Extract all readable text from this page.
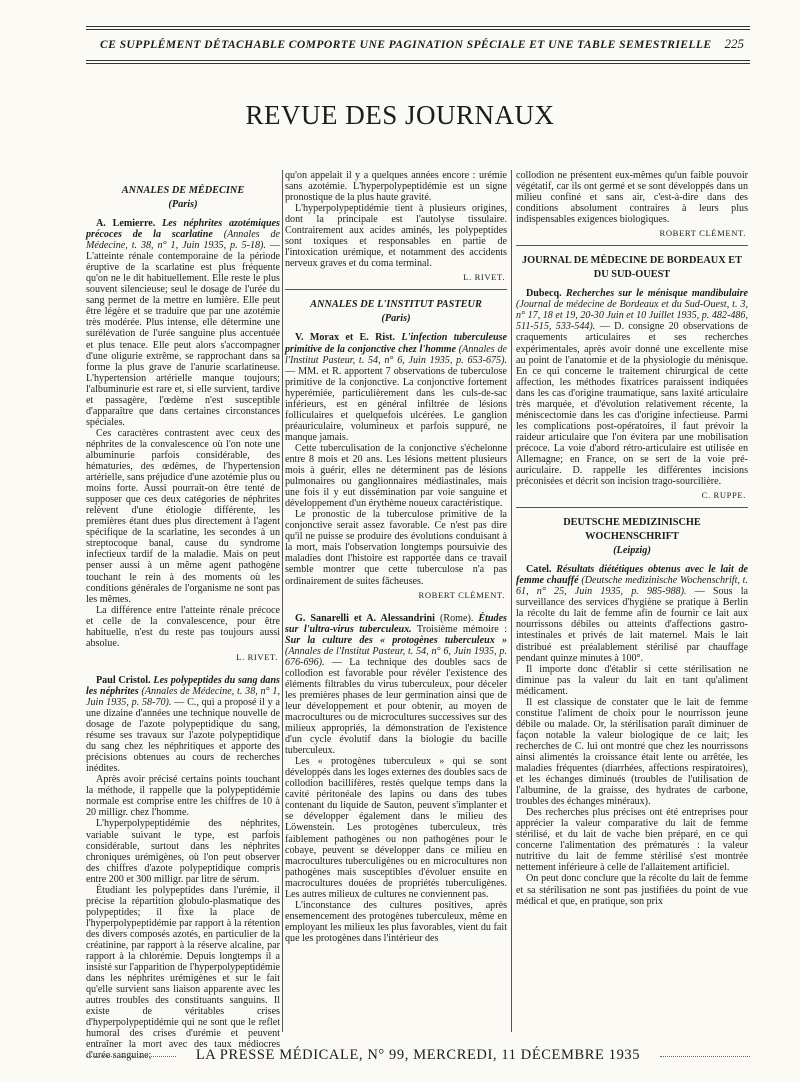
CE SUPPLÉMENT DÉTACHABLE COMPORTE UNE PAGINATION SPÉCIALE ET UNE TABLE SEMESTRIELLE 225
REVUE DES JOURNAUX
ANNALES DE MÉDECINE
(Paris)

A. Lemierre. Les néphrites azotémiques précoces de la scarlatine (Annales de Médecine, t. 38, n° 1, Juin 1935, p. 5-18). — L'atteinte rénale contemporaine de la période éruptive de la scarlatine est plus fréquente qu'on ne le dit habituellement. Elle reste le plus souvent silencieuse; seul le dosage de l'urée du sang permet de la mettre en lumière. Elle peut être légère et se traduire que par une azotémie très modérée. Plus intense, elle détermine une surélévation de l'urée sanguine plus accentuée et plus tenace. Elle peut alors s'accompagner d'une oligurie extrême, se rapprochant dans sa forme la plus grave de l'anurie scarlatineuse. L'hypertension artérielle manque toujours; l'albuminurie est rare et, si elle survient, tardive et passagère, l'œdème n'est susceptible d'apparaître que dans certaines circonstances spéciales.

Ces caractères contrastent avec ceux des néphrites de la convalescence où l'on note une albuminurie parfois considérable, des hématuries, des œdèmes, de l'hypertension artérielle, sans préjudice d'une azotémie plus ou moins forte. Aussi pourrait-on être tenté de supposer que ces deux catégories de néphrites relèvent d'une étiologie différente, les premières étant dues plus directement à l'agent spécifique de la scarlatine, les secondes à un streptocoque banal, cause du syndrome infectieux tardif de la maladie. Mais on peut penser aussi à un même agent pathogène touchant le rein à des moments où les conditions générales de l'organisme ne sont pas les mêmes.

La différence entre l'atteinte rénale précoce et celle de la convalescence, pour être habituelle, n'est du reste pas toujours aussi absolue.

L. RIVET.

Paul Cristol. Les polypeptides du sang dans les néphrites (Annales de Médecine, t. 38, n° 1, Juin 1935, p. 58-70). — C., qui a proposé il y a une dizaine d'années une technique nouvelle de dosage de l'azote polypeptidique du sang, résume ses travaux sur l'azote polypeptidique du sang chez les néphritiques et apporte des précisions obtenues au cours de recherches inédites.

Après avoir précisé certains points touchant la méthode, il rappelle que la polypeptidémie normale est comprise entre les chiffres de 10 à 20 milligr. chez l'homme.

L'hyperpolypeptidémie des néphrites, variable suivant le type, est parfois considérable, surtout dans les néphrites chroniques urémigènes, où l'on peut observer des chiffres d'azote polypeptidique compris entre 200 et 300 milligr. par litre de sérum.

Étudiant les polypeptides dans l'urémie, il précise la répartition globulo-plasmatique des polypeptides; il fixe la place de l'hyperpolypeptidémie par rapport à la rétention des divers composés azotés, en particulier de la créatinine, par rapport à la réserve alcaline, par rapport à la chlorémie. Depuis longtemps il a insisté sur l'apparition de l'hyperpolypeptidémie dans les néphrites urémigènes et sur le fait qu'elle survient sans liaison apparente avec les autres troubles des constituants sanguins. Il existe de véritables crises d'hyperpolypeptidémie qui ne sont que le reflet humoral des crises d'urémie et peuvent entraîner la mort avec des taux médiocres d'urée sanguine;

qu'on appelait il y a quelques années encore : urémie sans azotémie. L'hyperpolypeptidémie est un signe pronostique de la plus haute gravité.

L'hyperpolypeptidémie tient à plusieurs origines, dont la principale est l'autolyse tissulaire. Contrairement aux acides aminés, les polypeptides sont toxiques et responsables en partie de l'intoxication urémique, et notamment des accidents nerveux graves et du coma terminal.

L. RIVET.
ANNALES DE L'INSTITUT PASTEUR
(Paris)

V. Morax et E. Rist. L'infection tuberculeuse primitive de la conjonctive chez l'homme (Annales de l'Institut Pasteur, t. 54, n° 6, Juin 1935, p. 653-675). — MM. et R. apportent 7 observations de tuberculose primitive de la conjonctive. La conjonctive fortement hyperémiée, particulièrement dans les culs-de-sac inférieurs, est en général infiltrée de lésions folliculaires et quelquefois ulcérées. Le ganglion préauriculaire, volumineux et parfois suppuré, ne manque jamais.

Cette tuberculisation de la conjonctive s'échelonne entre 8 mois et 20 ans. Les lésions mettent plusieurs mois à guérir, elles ne déterminent pas de lésions pulmonaires ou ganglionnaires médiastinales, mais une fois il y eut dissémination par voie sanguine et développement d'un érythème noueux caractéristique.

Le pronostic de la tuberculose primitive de la conjonctive serait assez favorable. Ce n'est pas dire qu'il ne puisse se produire des évolutions conduisant à la mort, mais l'observation longtemps poursuivie des maladies dont l'histoire est rapportée dans ce travail semble montrer que cette tuberculose n'a pas ordinairement de suites fâcheuses.

ROBERT CLÉMENT.

G. Sanarelli et A. Alessandrini (Rome). Études sur l'ultra-virus tuberculeux. Troisième mémoire : Sur la culture des « protogènes tuberculeux » (Annales de l'Institut Pasteur, t. 54, n° 6, Juin 1935, p. 676-696). — La technique des doubles sacs de collodion est favorable pour révéler l'existence des éléments filtrables du virus tuberculeux, pour déceler les premières phases de leur germination ainsi que de leur développement et pour obtenir, au moyen de macrocultures ou de microcultures successives sur des milieux appropriés, la démonstration de l'existence d'un cycle évolutif dans la biologie du bacille tuberculeux.

Les « protogènes tuberculeux » qui se sont développés dans les loges externes des doubles sacs de collodion bacillifères, restés quelque temps dans la cavité péritonéale des lapins ou dans des tubes contenant du liquide de Sauton, peuvent s'implanter et se développer également dans le milieu des Löwenstein. Les protogènes tuberculeux, très faiblement pathogènes ou non pathogènes pour le cobaye, peuvent se développer dans ce milieu en macrocultures tuberculigènes ou en microcultures non pathogènes mais susceptibles d'évoluer ensuite en macrocultures douées de propriétés tuberculigènes. Les autres milieux de cultures ne conviennent pas.

L'inconstance des cultures positives, après ensemencement des protogènes tuberculeux, même en employant les milieux les plus favorables, vient du fait que les protogènes dans l'intérieur des

collodion ne présentent eux-mêmes qu'un faible pouvoir végétatif, car ils ont germé et se sont développés dans un milieu confiné et sans air, c'est-à-dire dans des conditions absolument contraires à leurs plus indispensables exigences biologiques.

ROBERT CLÉMENT.
JOURNAL DE MÉDECINE DE BORDEAUX ET DU SUD-OUEST

Dubecq. Recherches sur le ménisque mandibulaire (Journal de médecine de Bordeaux et du Sud-Ouest, t. 3, n° 17, 18 et 19, 20-30 Juin et 10 Juillet 1935, p. 482-486, 511-515, 533-544). — D. consigne 20 observations de craquements articulaires et ses recherches expérimentales, après avoir donné une excellente mise au point de l'anatomie et de la physiologie du ménisque. En ce qui concerne le traitement chirurgical de cette affection, les méthodes fixatrices paraissent indiquées dans les cas d'origine traumatique, sans laxité articulaire très marquée, et d'évolution relativement récente, la méniscectomie dans les cas d'origine infectieuse. Parmi les complications post-opératoires, il faut prévoir la raideur articulaire que l'on évitera par une mobilisation précoce. La voie d'abord rétro-articulaire est utilisée en Allemagne; en France, on se sert de la voie pré-auriculaire. D. rappelle les différentes incisions préconisées et décrit son incision trago-sourcilière.

C. RUPPE.
DEUTSCHE MEDIZINISCHE WOCHENSCHRIFT
(Leipzig)

Catel. Résultats diététiques obtenus avec le lait de femme chauffé (Deutsche medizinische Wochenschrift, t. 61, n° 25, Juin 1935, p. 985-988). — Sous la surveillance des services d'hygiène se pratique à Berlin la récolte du lait de femme afin de fournir ce lait aux nourrissons débiles ou atteints d'affections gastro-intestinales et privés de lait maternel. Mais le lait distribué est préalablement stérilisé par chauffage pendant quinze minutes à 100°.

Il importe donc d'établir si cette stérilisation ne diminue pas la valeur du lait en tant qu'aliment médicament.

Il est classique de constater que le lait de femme constitue l'aliment de choix pour le nourrisson jeune débile ou malade. Or, la stérilisation paraît diminuer de façon notable la valeur biologique de ce lait; les recherches de C. lui ont montré que chez les nourrissons ainsi alimentés la croissance était lente ou arrêtée, les maladies fréquentes (diarrhées, affections respiratoires), et les échanges diminués (troubles de l'utilisation de l'albumine, de la graisse, des hydrates de carbone, troubles des échanges minéraux).

Des recherches plus précises ont été entreprises pour apprécier la valeur comparative du lait de femme stérilisé, et du lait de vache bien préparé, en ce qui concerne l'alimentation des prématurés : la valeur nutritive du lait de femme stérilisé s'est montrée nettement inférieure à celle de l'allaitement artificiel.

On peut donc conclure que la récolte du lait de femme et sa stérilisation ne sont pas justifiées du point de vue médical et que, en pratique, son prix

LA PRESSE MÉDICALE, N° 99, MERCREDI, 11 DÉCEMBRE 1935
